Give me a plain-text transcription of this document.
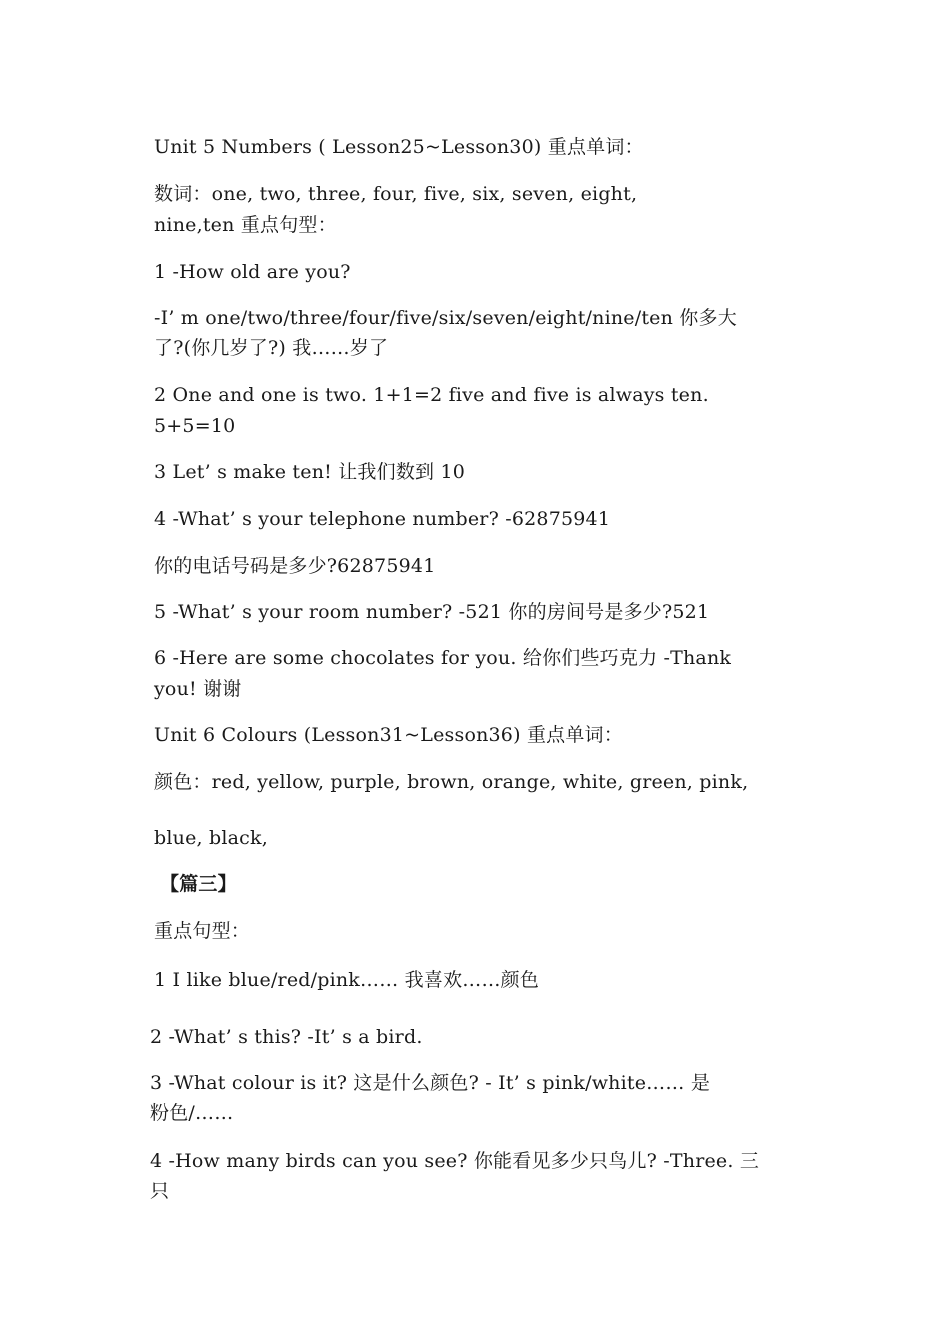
Unit 5 Numbers ( Lesson25~Lesson30) 重点单词：
数词：one, two, three, four, five, six, seven, eight,
nine,ten 重点句型：
1 -How old are you?
-I’ m one/two/three/four/five/six/seven/eight/nine/ten 你多大
了?(你几岁了?) 我……岁了
2 One and one is two. 1+1=2 five and five is always ten.
5+5=10
3 Let’ s make ten! 让我们数到 10
4 -What’ s your telephone number? -62875941
你的电话号码是多少?62875941
5 -What’ s your room number? -521 你的房间号是多少?521
6 -Here are some chocolates for you. 给你们些巧克力 -Thank
you! 谢谢
Unit 6 Colours (Lesson31~Lesson36) 重点单词：
颜色：red, yellow, purple, brown, orange, white, green, pink,
blue, black,
【篇三】
重点句型：
1 I like blue/red/pink…… 我喜欢……颜色
2 -What’ s this? -It’ s a bird.
3 -What colour is it? 这是什么颜色? - It’ s pink/white…… 是
粉色/……
4 -How many birds can you see? 你能看见多少只鸟儿? -Three. 三
只
